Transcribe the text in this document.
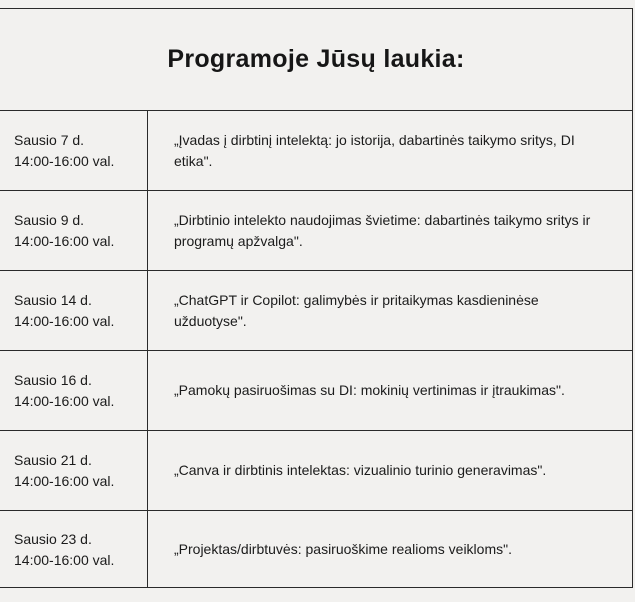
Programoje Jūsų laukia:
Sausio 7 d.
14:00-16:00 val.
„Įvadas į dirbtinį intelektą: jo istorija, dabartinės taikymo sritys, DI etika".
Sausio 9 d.
14:00-16:00 val.
„Dirbtinio intelekto naudojimas švietime: dabartinės taikymo sritys ir programų apžvalga".
Sausio 14 d.
14:00-16:00 val.
„ChatGPT ir Copilot: galimybės ir pritaikymas kasdieninėse užduotyse".
Sausio 16 d.
14:00-16:00 val.
„Pamokų pasiruošimas su DI: mokinių vertinimas ir įtraukimas".
Sausio 21 d.
14:00-16:00 val.
„Canva ir dirbtinis intelektas: vizualinio turinio generavimas".
Sausio 23 d.
14:00-16:00 val.
„Projektas/dirbtuvės: pasiruoškime realioms veikloms".
